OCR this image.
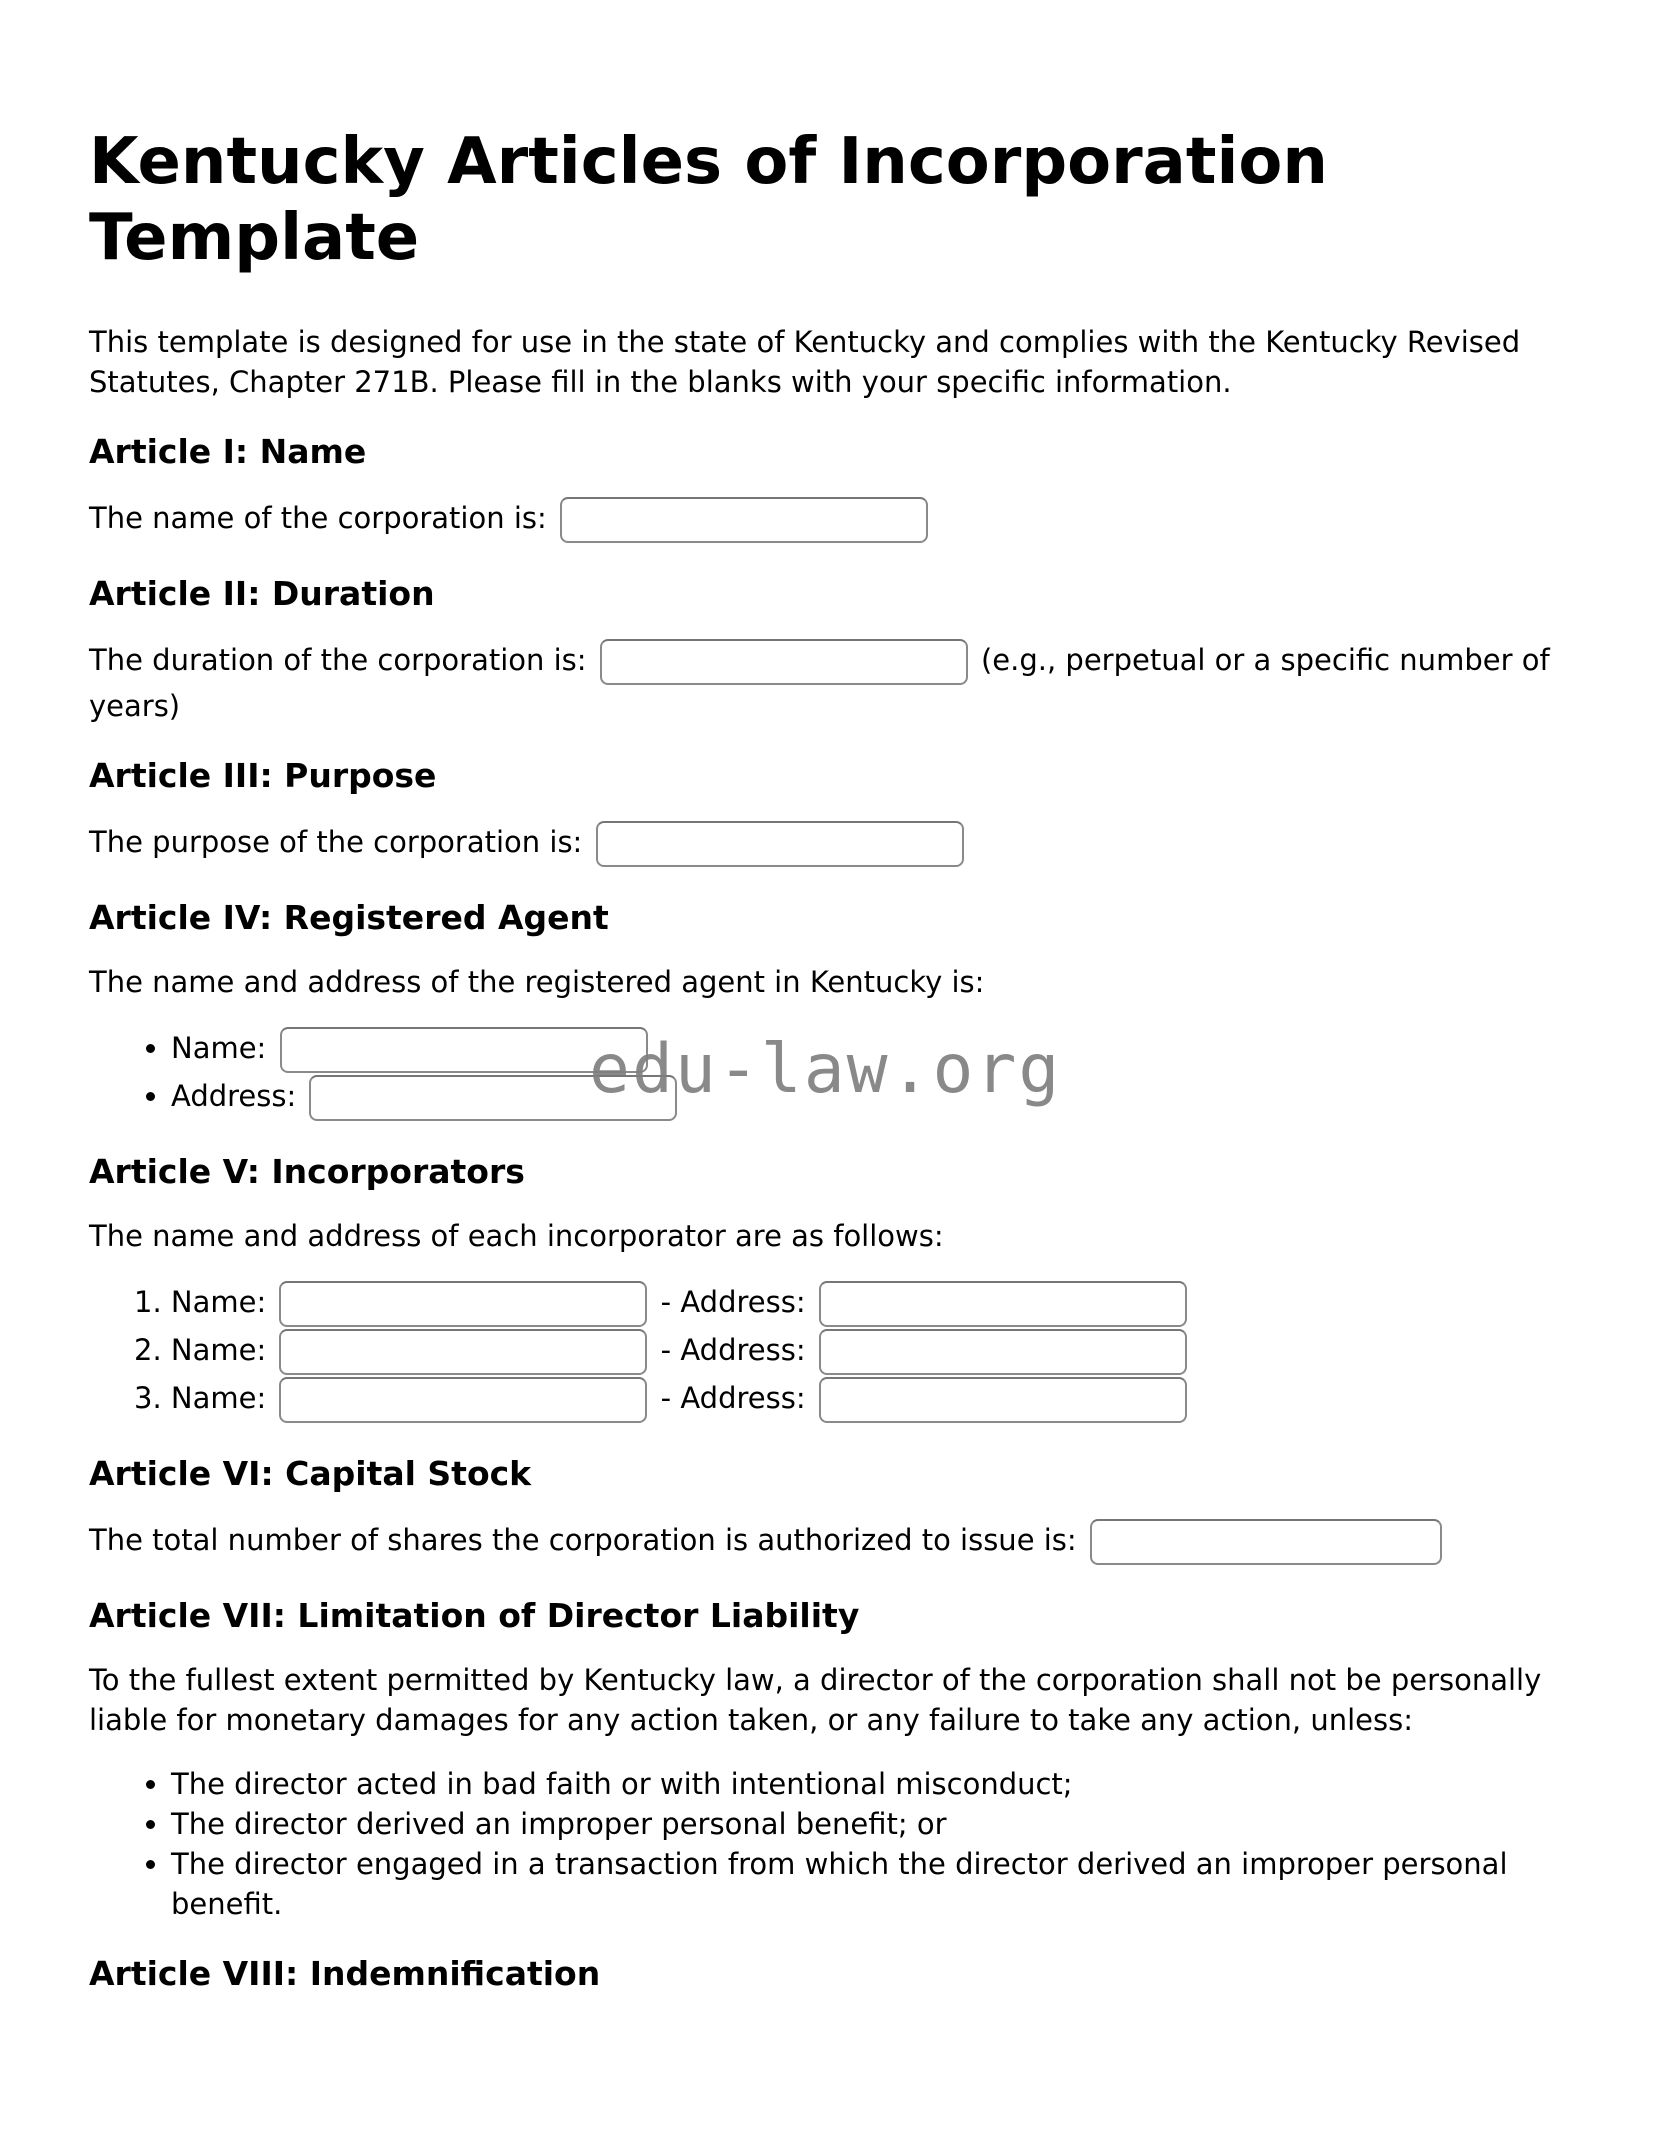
Kentucky Articles of Incorporation Template

This template is designed for use in the state of Kentucky and complies with the Kentucky Revised Statutes, Chapter 271B. Please fill in the blanks with your specific information.

Article I: Name

The name of the corporation is:

Article II: Duration

The duration of the corporation is:	(e.g., perpetual or a specific number of years)

Article III: Purpose

The purpose of the corporation is:

Article IV: Registered Agent

The name and address of the registered agent in Kentucky is:

• Name:
• Address:	edu-law.org
Article V: Incorporators

The name and address of each incorporator are as follows:

1. Name:	- Address:
2. Name:	- Address:
3. Name:	- Address:
Article VI: Capital Stock

The total number of shares the corporation is authorized to issue is:

Article VII: Limitation of Director Liability

To the fullest extent permitted by Kentucky law, a director of the corporation shall not be personally liable for monetary damages for any action taken, or any failure to take any action, unless:

• The director acted in bad faith or with intentional misconduct;
• The director derived an improper personal benefit; or
• The director engaged in a transaction from which the director derived an improper personal benefit.
Article VIII: Indemnification
